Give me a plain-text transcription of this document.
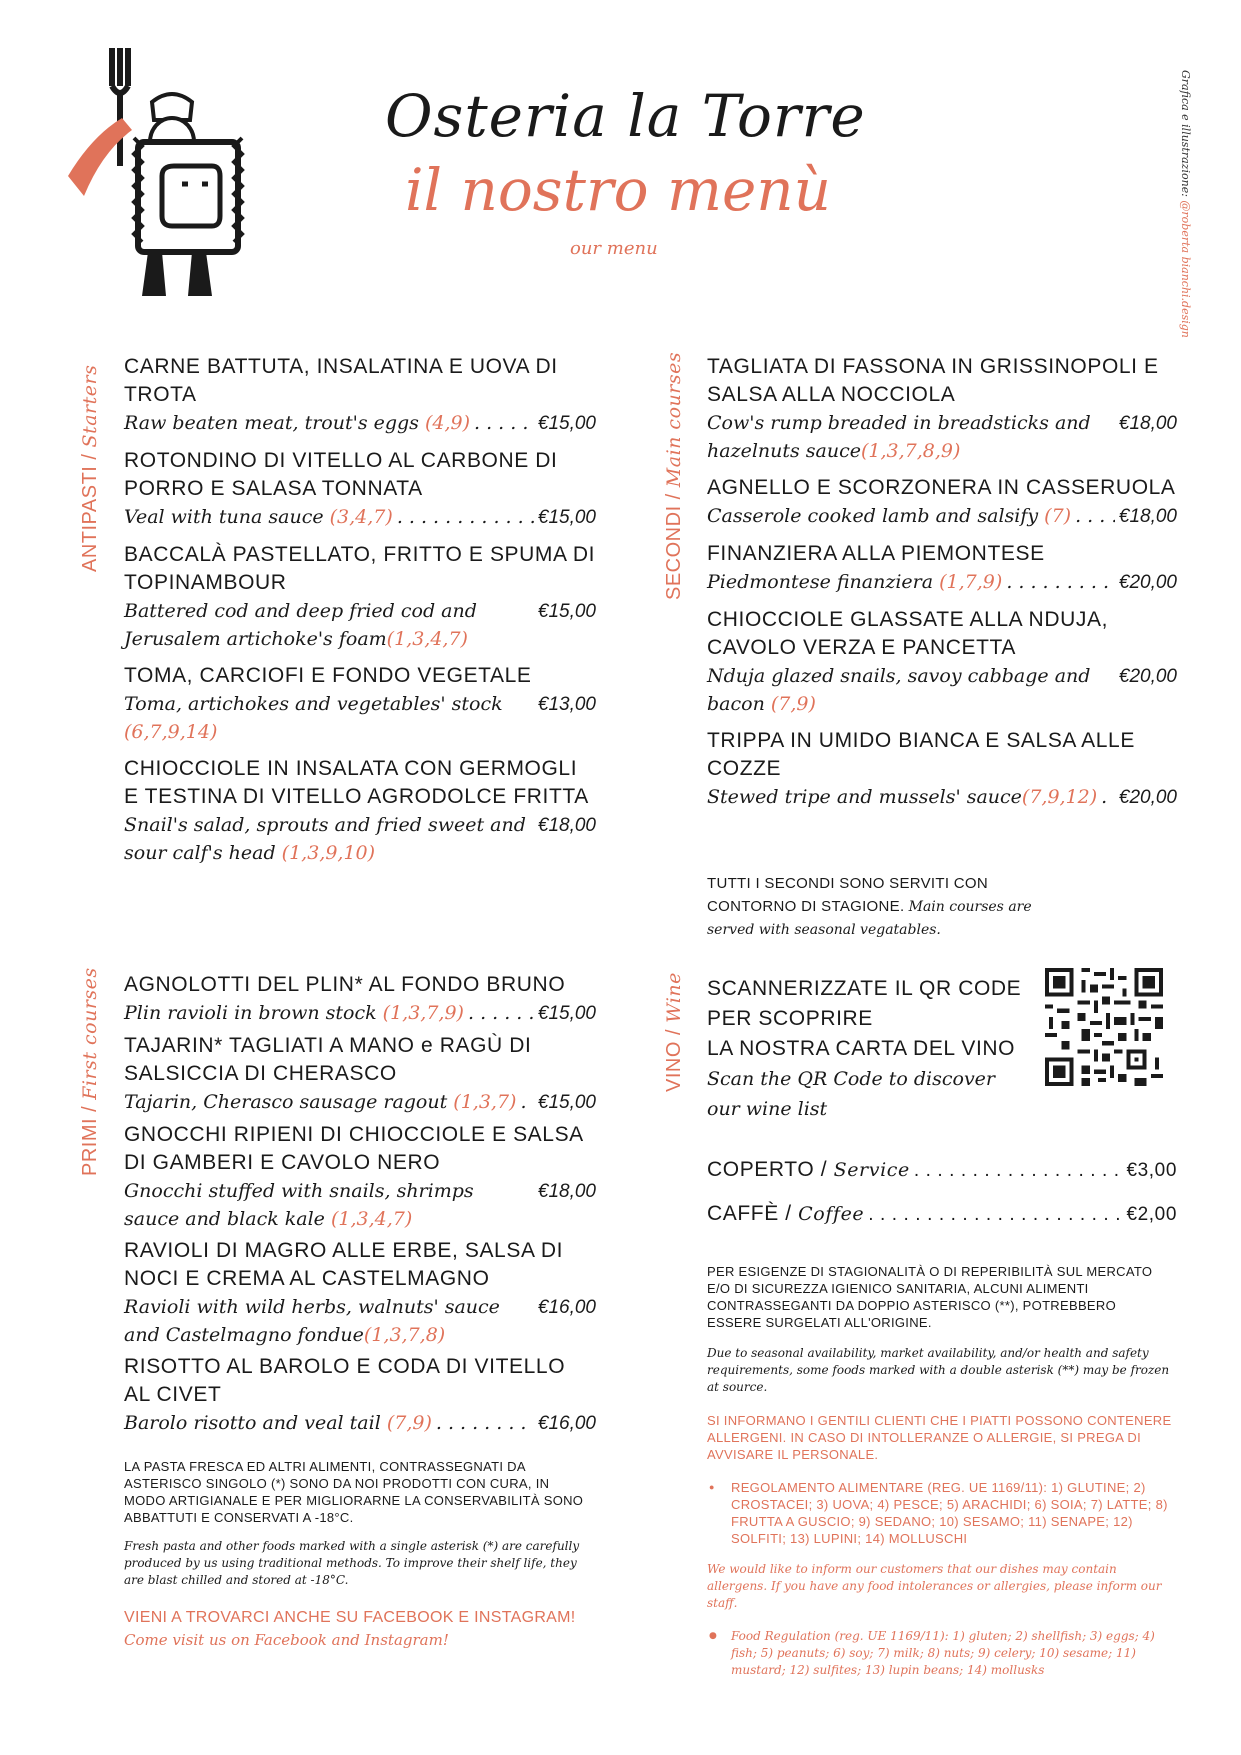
Osteria la Torre
il nostro menù
our menu
Grafica e illustrazione: @roberta bianchi.design
ANTIPASTI / Starters
SECONDI / Main courses
PRIMI / First courses	VINO / Wine
CARNE BATTUTA, INSALATINA E UOVA DI TROTA
Raw beaten meat, trout's eggs (4,9) . . .	€15,00
ROTONDINO DI VITELLO AL CARBONE DI PORRO E SALASA TONNATA
Veal with tuna sauce (3,4,7) . . .	€15,00
BACCALÀ PASTELLATO, FRITTO E SPUMA DI TOPINAMBOUR
Battered cod and deep fried cod and Jerusalem artichoke's foam(1,3,4,7)
€15,00
TOMA, CARCIOFI E FONDO VEGETALE
Toma, artichokes and vegetables' stock (6,7,9,14)
€13,00
CHIOCCIOLE IN INSALATA CON GERMOGLI E TESTINA DI VITELLO AGRODOLCE FRITTA
Snail's salad, sprouts and fried sweet and sour calf's head (1,3,9,10)
€18,00
TAGLIATA DI FASSONA IN GRISSINOPOLI E SALSA ALLA NOCCIOLA
Cow's rump breaded in breadsticks and hazelnuts sauce(1,3,7,8,9)
€18,00
AGNELLO E SCORZONERA IN CASSERUOLA
Casserole cooked lamb and salsify (7) . . .	€18,00
FINANZIERA ALLA PIEMONTESE
Piedmontese finanziera (1,7,9) . . .	€20,00
CHIOCCIOLE GLASSATE ALLA NDUJA, CAVOLO VERZA E PANCETTA
Nduja glazed snails, savoy cabbage and bacon (7,9)
€20,00
TRIPPA IN UMIDO BIANCA E SALSA ALLE COZZE
Stewed tripe and mussels' sauce(7,9,12) . . . €20,00
TUTTI I SECONDI SONO SERVITI CON CONTORNO DI STAGIONE. Main courses are served with seasonal vegatables.
AGNOLOTTI DEL PLIN* AL FONDO BRUNO
Plin ravioli in brown stock (1,3,7,9) . . .	€15,00
TAJARIN* TAGLIATI A MANO e RAGÙ DI SALSICCIA DI CHERASCO
Tajarin, Cherasco sausage ragout (1,3,7) . . . €15,00
GNOCCHI RIPIENI DI CHIOCCIOLE E SALSA DI GAMBERI E CAVOLO NERO
Gnocchi stuffed with snails, shrimps sauce and black kale (1,3,4,7)
€18,00
RAVIOLI DI MAGRO ALLE ERBE, SALSA DI NOCI E CREMA AL CASTELMAGNO
Ravioli with wild herbs, walnuts' sauce and Castelmagno fondue(1,3,7,8)
€16,00
RISOTTO AL BAROLO E CODA DI VITELLO AL CIVET
Barolo risotto and veal tail (7,9) . . .	€16,00
LA PASTA FRESCA ED ALTRI ALIMENTI, CONTRASSEGNATI DA ASTERISCO SINGOLO (*) SONO DA NOI PRODOTTI CON CURA, IN MODO ARTIGIANALE E PER MIGLIORARNE LA CONSERVABILITÀ SONO ABBATTUTI E CONSERVATI A -18°C.
Fresh pasta and other foods marked with a single asterisk (*) are carefully produced by us using traditional methods. To improve their shelf life, they are blast chilled and stored at -18°C.
VIENI A TROVARCI ANCHE SU FACEBOOK E INSTAGRAM!
Come visit us on Facebook and Instagram!
SCANNERIZZATE IL QR CODE PER SCOPRIRE
LA NOSTRA CARTA DEL VINO
Scan the QR Code to discover our wine list
COPERTO / Service . . .	€3,00
CAFFÈ / Coffee . . .	€2,00
PER ESIGENZE DI STAGIONALITÀ O DI REPERIBILITÀ SUL MERCATO E/O DI SICUREZZA IGIENICO SANITARIA, ALCUNI ALIMENTI CONTRASSEGANTI DA DOPPIO ASTERISCO (**), POTREBBERO ESSERE SURGELATI ALL'ORIGINE.
Due to seasonal availability, market availability, and/or health and safety requirements, some foods marked with a double asterisk (**) may be frozen at source.
SI INFORMANO I GENTILI CLIENTI CHE I PIATTI POSSONO CONTENERE ALLERGENI. IN CASO DI INTOLLERANZE O ALLERGIE, SI PREGA DI AVVISARE IL PERSONALE.
● REGOLAMENTO ALIMENTARE (REG. UE 1169/11): 1) GLUTINE; 2) CROSTACEI; 3) UOVA; 4) PESCE; 5) ARACHIDI; 6) SOIA; 7) LATTE; 8) FRUTTA A GUSCIO; 9) SEDANO; 10) SESAMO; 11) SENAPE; 12) SOLFITI; 13) LUPINI; 14) MOLLUSCHI
We would like to inform our customers that our dishes may contain allergens. If you have any food intolerances or allergies, please inform our staff.
● Food Regulation (reg. UE 1169/11): 1) gluten; 2) shellfish; 3) eggs; 4) fish; 5) peanuts; 6) soy; 7) milk; 8) nuts; 9) celery; 10) sesame; 11) mustard; 12) sulfites; 13) lupin beans; 14) mollusks
